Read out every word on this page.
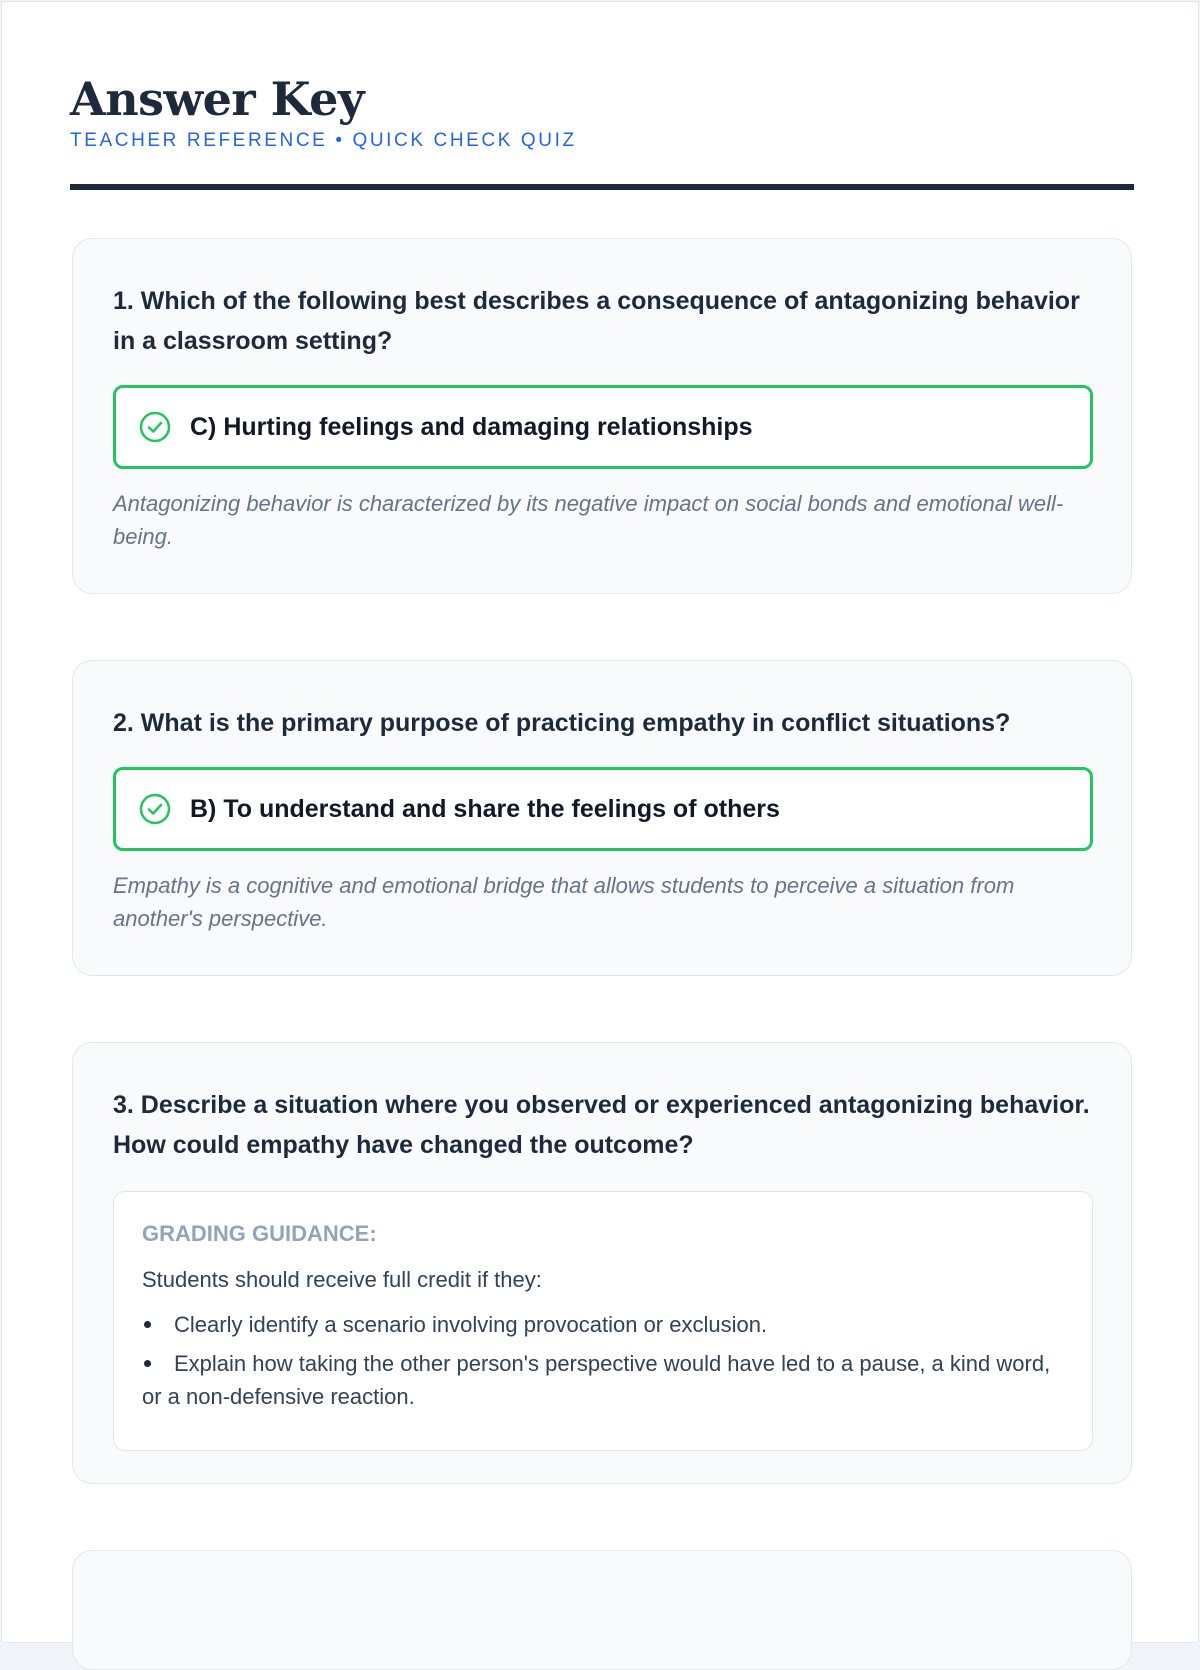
Answer Key
TEACHER REFERENCE • QUICK CHECK QUIZ
1. Which of the following best describes a consequence of antagonizing behavior in a classroom setting?
C) Hurting feelings and damaging relationships
Antagonizing behavior is characterized by its negative impact on social bonds and emotional well-being.
2. What is the primary purpose of practicing empathy in conflict situations?
B) To understand and share the feelings of others
Empathy is a cognitive and emotional bridge that allows students to perceive a situation from another's perspective.
3. Describe a situation where you observed or experienced antagonizing behavior. How could empathy have changed the outcome?
GRADING GUIDANCE:
Students should receive full credit if they:
Clearly identify a scenario involving provocation or exclusion.
Explain how taking the other person's perspective would have led to a pause, a kind word, or a non-defensive reaction.
